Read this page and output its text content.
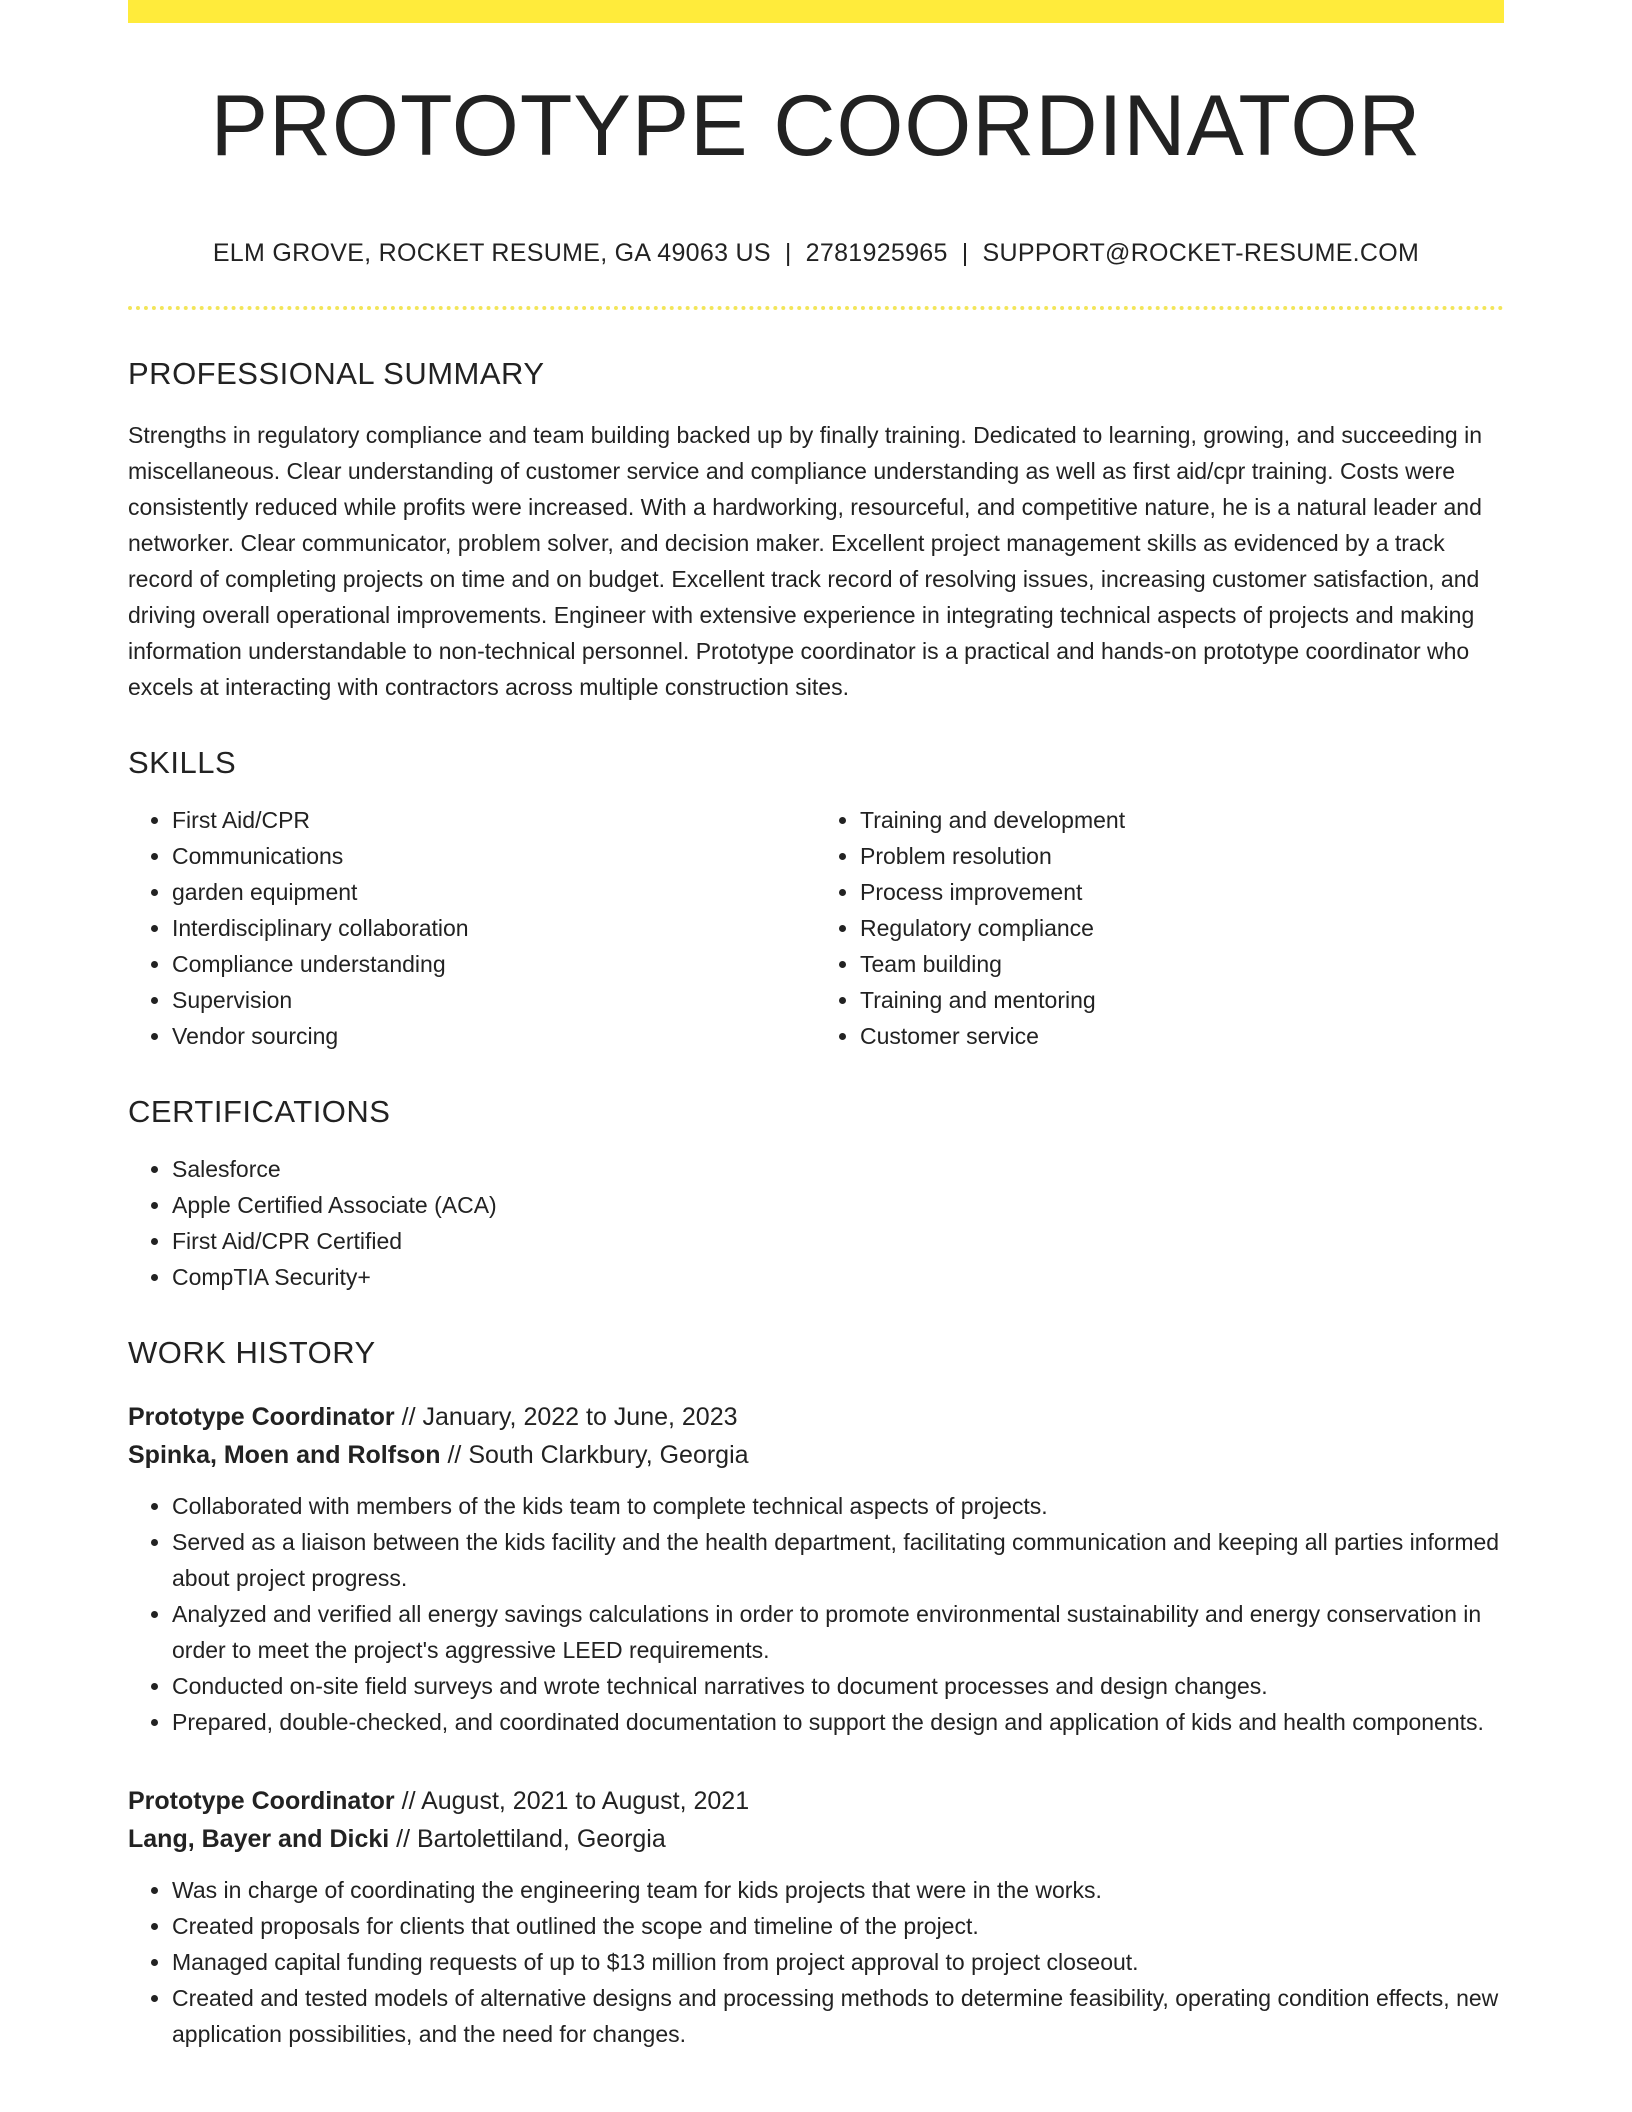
PROTOTYPE COORDINATOR
ELM GROVE, ROCKET RESUME, GA 49063 US | 2781925965 | SUPPORT@ROCKET-RESUME.COM
PROFESSIONAL SUMMARY
Strengths in regulatory compliance and team building backed up by finally training. Dedicated to learning, growing, and succeeding in miscellaneous. Clear understanding of customer service and compliance understanding as well as first aid/cpr training. Costs were consistently reduced while profits were increased. With a hardworking, resourceful, and competitive nature, he is a natural leader and networker. Clear communicator, problem solver, and decision maker. Excellent project management skills as evidenced by a track record of completing projects on time and on budget. Excellent track record of resolving issues, increasing customer satisfaction, and driving overall operational improvements. Engineer with extensive experience in integrating technical aspects of projects and making information understandable to non-technical personnel. Prototype coordinator is a practical and hands-on prototype coordinator who excels at interacting with contractors across multiple construction sites.
SKILLS
• First Aid/CPR
• Communications
• garden equipment
• Interdisciplinary collaboration
• Compliance understanding
• Supervision
• Vendor sourcing
• Training and development
• Problem resolution
• Process improvement
• Regulatory compliance
• Team building
• Training and mentoring
• Customer service
CERTIFICATIONS
• Salesforce
• Apple Certified Associate (ACA)
• First Aid/CPR Certified
• CompTIA Security+
WORK HISTORY
Prototype Coordinator // January, 2022 to June, 2023
Spinka, Moen and Rolfson // South Clarkbury, Georgia
• Collaborated with members of the kids team to complete technical aspects of projects.
• Served as a liaison between the kids facility and the health department, facilitating communication and keeping all parties informed about project progress.
• Analyzed and verified all energy savings calculations in order to promote environmental sustainability and energy conservation in order to meet the project's aggressive LEED requirements.
• Conducted on-site field surveys and wrote technical narratives to document processes and design changes.
• Prepared, double-checked, and coordinated documentation to support the design and application of kids and health components.
Prototype Coordinator // August, 2021 to August, 2021
Lang, Bayer and Dicki // Bartolettiland, Georgia
• Was in charge of coordinating the engineering team for kids projects that were in the works.
• Created proposals for clients that outlined the scope and timeline of the project.
• Managed capital funding requests of up to $13 million from project approval to project closeout.
• Created and tested models of alternative designs and processing methods to determine feasibility, operating condition effects, new application possibilities, and the need for changes.
